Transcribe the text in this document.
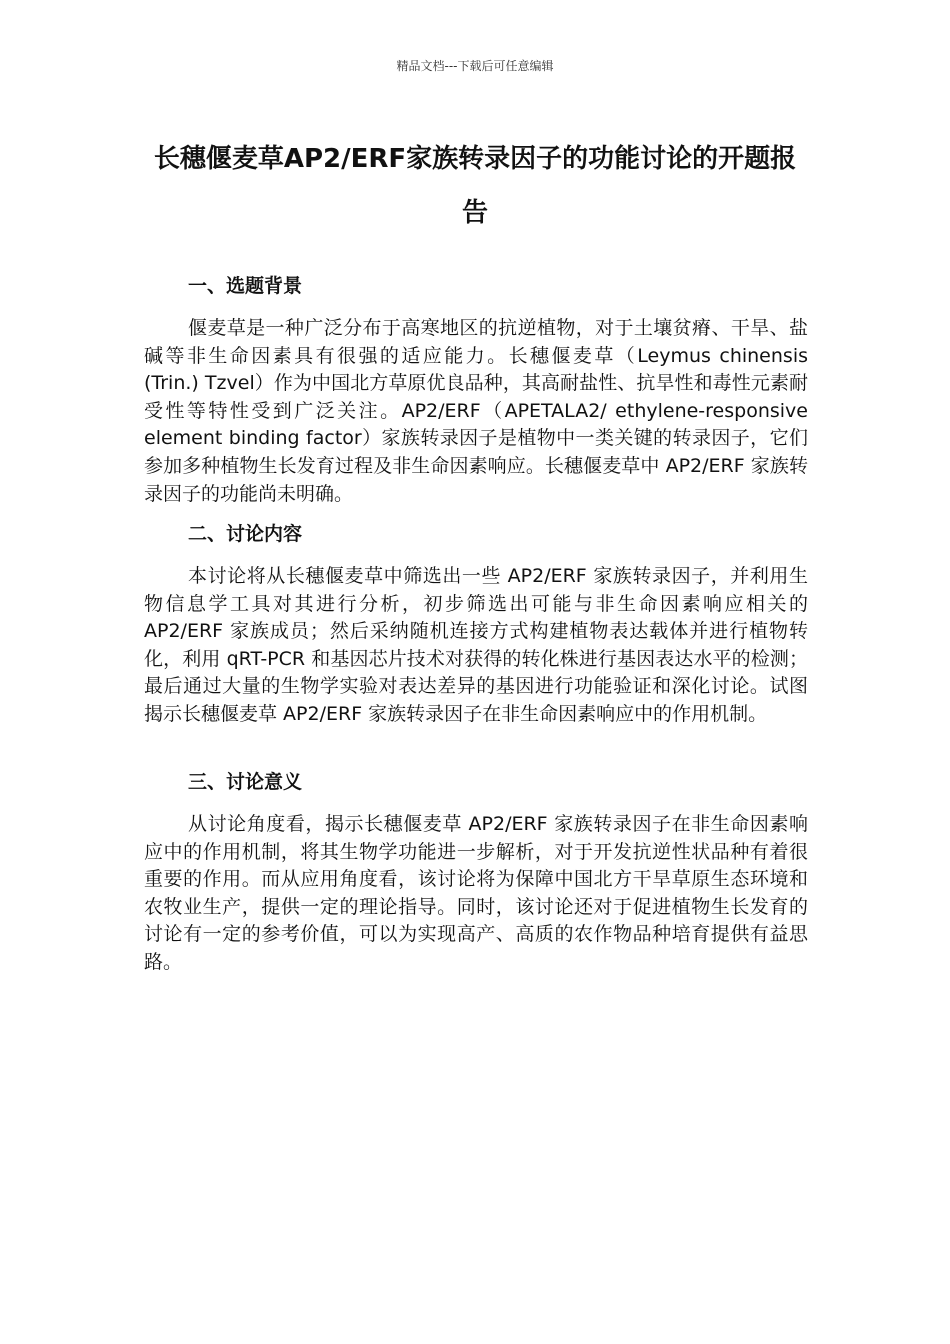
精品文档---下载后可任意编辑
长穗偃麦草AP2/ERF家族转录因子的功能讨论的开题报告
一、选题背景

偃麦草是一种广泛分布于高寒地区的抗逆植物，对于土壤贫瘠、干旱、盐碱等非生命因素具有很强的适应能力。长穗偃麦草（Leymus chinensis (Trin.) Tzvel）作为中国北方草原优良品种，其高耐盐性、抗旱性和毒性元素耐受性等特性受到广泛关注。AP2/ERF（APETALA2/ ethylene-responsive element binding factor）家族转录因子是植物中一类关键的转录因子，它们参加多种植物生长发育过程及非生命因素响应。长穗偃麦草中 AP2/ERF 家族转录因子的功能尚未明确。

二、讨论内容

本讨论将从长穗偃麦草中筛选出一些 AP2/ERF 家族转录因子，并利用生物信息学工具对其进行分析，初步筛选出可能与非生命因素响应相关的 AP2/ERF 家族成员；然后采纳随机连接方式构建植物表达载体并进行植物转化，利用 qRT-PCR 和基因芯片技术对获得的转化株进行基因表达水平的检测；最后通过大量的生物学实验对表达差异的基因进行功能验证和深化讨论。试图揭示长穗偃麦草 AP2/ERF 家族转录因子在非生命因素响应中的作用机制。

三、讨论意义

从讨论角度看，揭示长穗偃麦草 AP2/ERF 家族转录因子在非生命因素响应中的作用机制，将其生物学功能进一步解析，对于开发抗逆性状品种有着很重要的作用。而从应用角度看，该讨论将为保障中国北方干旱草原生态环境和农牧业生产，提供一定的理论指导。同时，该讨论还对于促进植物生长发育的讨论有一定的参考价值，可以为实现高产、高质的农作物品种培育提供有益思路。
